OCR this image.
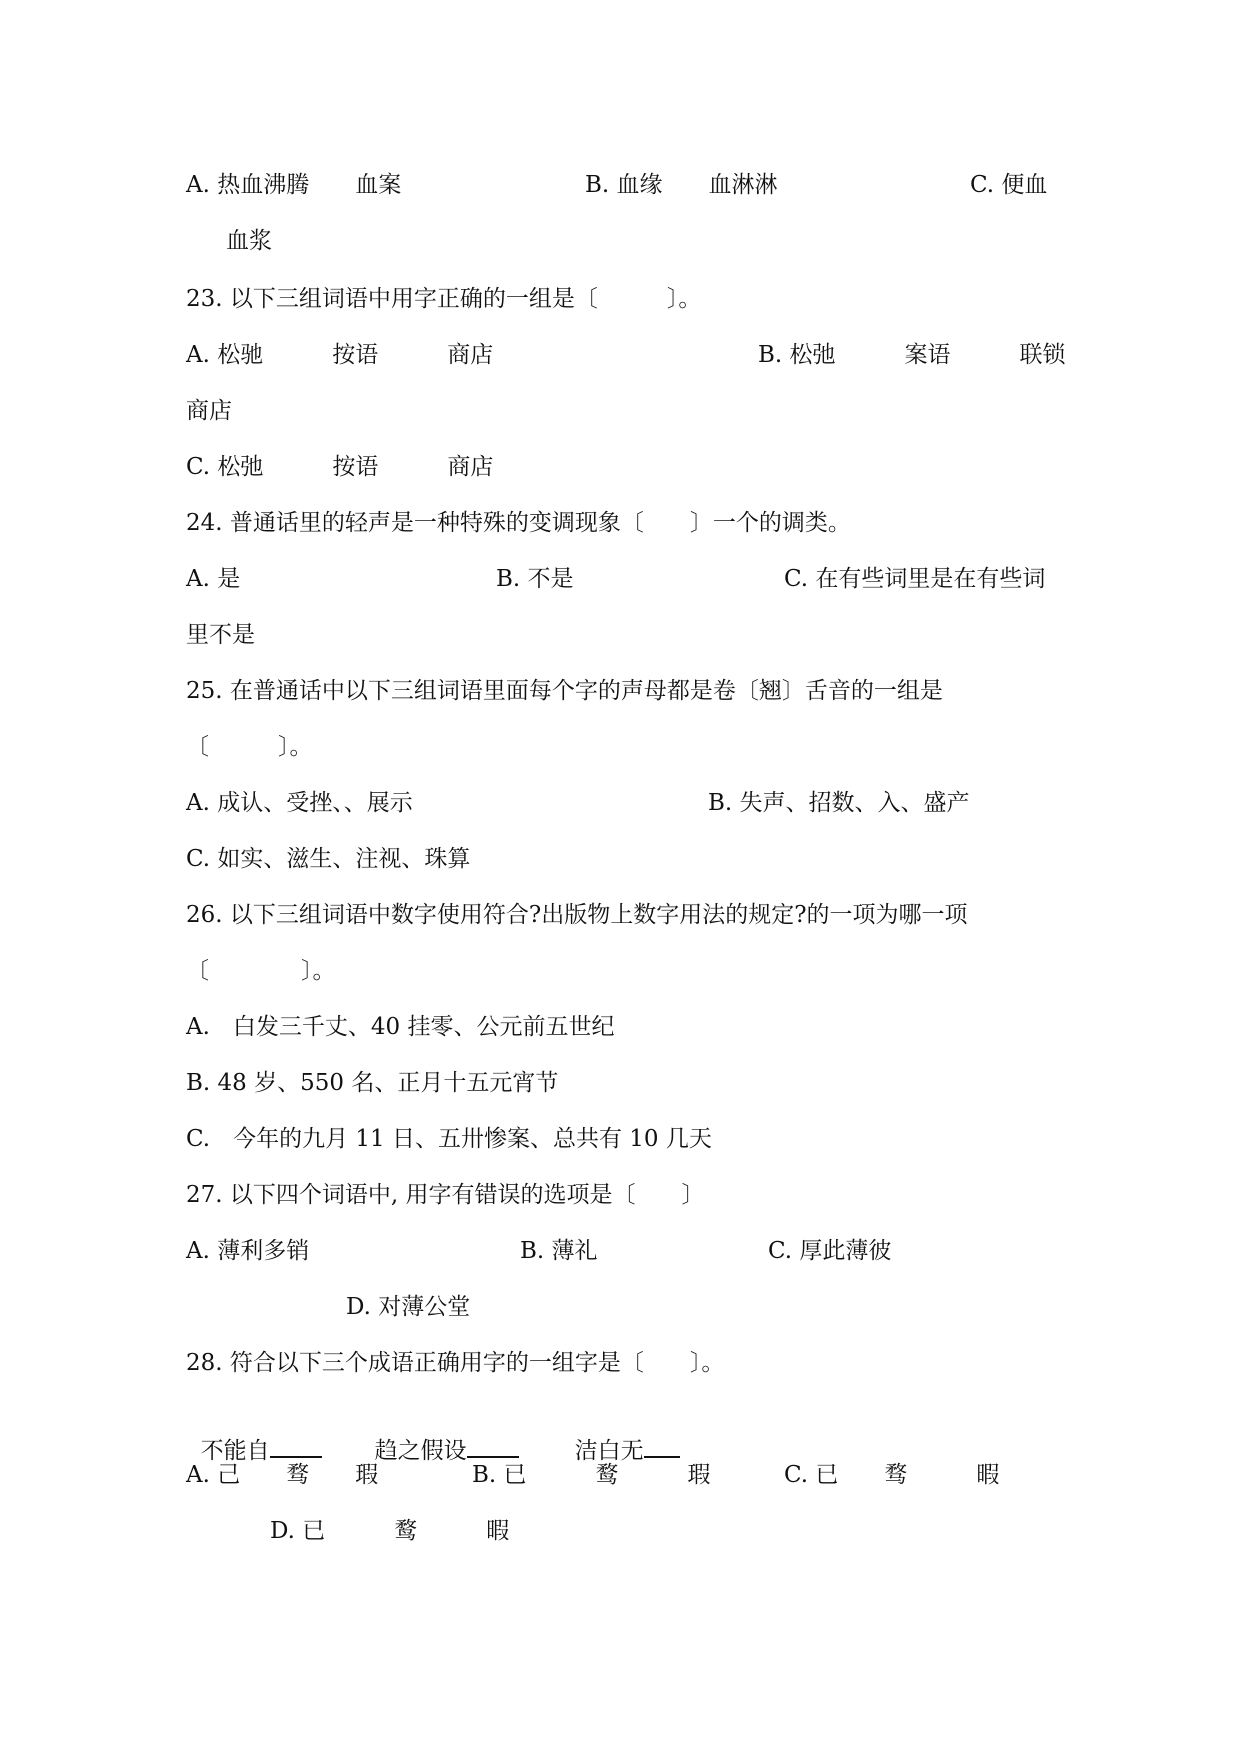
A. 热血沸腾　　血案	B. 血缘　　血淋淋	C. 便血
血浆
23. 以下三组词语中用字正确的一组是〔　　　〕。
A. 松驰　　　按语　　　商店	B. 松弛　　　案语　　　联锁
商店
C. 松弛　　　按语　　　商店
24. 普通话里的轻声是一种特殊的变调现象〔　　〕一个的调类。
A. 是	B. 不是	C. 在有些词里是在有些词
里不是
25. 在普通话中以下三组词语里面每个字的声母都是卷〔翘〕舌音的一组是
〔　　　〕。
A. 成认、受挫、、展示	B. 失声、招数、入、盛产
C. 如实、滋生、注视、珠算
26. 以下三组词语中数字使用符合?出版物上数字用法的规定?的一项为哪一项
〔　　　　〕。
A.　白发三千丈、40 挂零、公元前五世纪
B. 48 岁、550 名、正月十五元宵节
C.　今年的九月 11 日、五卅惨案、总共有 10 几天
27. 以下四个词语中, 用字有错误的选项是〔　　〕
A. 薄利多销	B. 薄礼	C. 厚此薄彼
D. 对薄公堂
28. 符合以下三个成语正确用字的一组字是〔　　〕。

不能自	趋之假设	洁白无

A. 己　　骛　　瑕	B. 已　　　鹜　　　瑕	C. 已　　骛　　　暇
D. 已　　　鹜　　　暇
